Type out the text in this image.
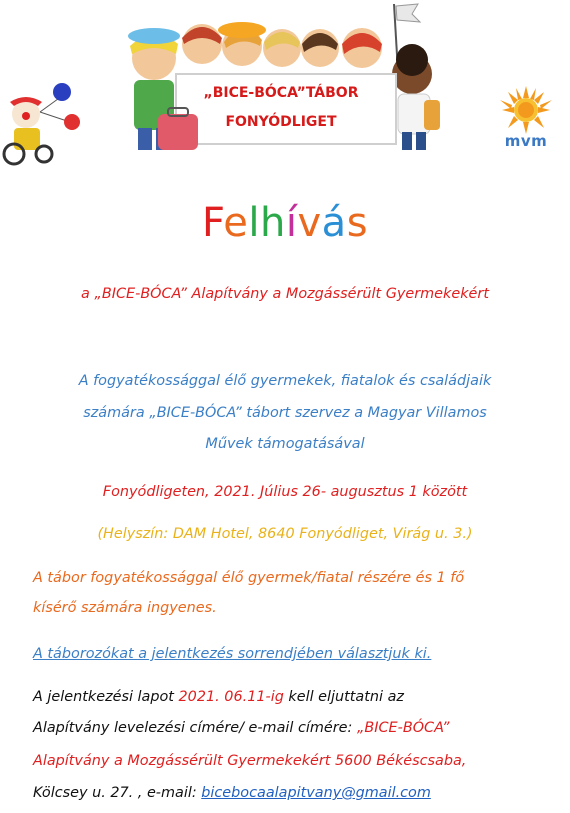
„BICE-BÓCA”TÁBOR
FONYÓDLIGET
mvm
Felhívás
a „BICE-BÓCA” Alapítvány a Mozgássérült Gyermekekért
A fogyatékossággal élő gyermekek, fiatalok és családjaik
számára „BICE-BÓCA” tábort szervez a Magyar Villamos
Művek támogatásával
Fonyódligeten, 2021. Július 26- augusztus 1 között
(Helyszín: DAM Hotel, 8640 Fonyódliget, Virág u. 3.)
A tábor fogyatékossággal élő gyermek/fiatal részére és 1 fő
kísérő számára ingyenes.
A táborozókat a jelentkezés sorrendjében választjuk ki.
A jelentkezési lapot 2021. 06.11-ig kell eljuttatni az
Alapítvány levelezési címére/ e-mail címére: „BICE-BÓCA”
Alapítvány a Mozgássérült Gyermekekért 5600 Békéscsaba,
Kölcsey u. 27. , e-mail: bicebocaalapitvany@gmail.com
